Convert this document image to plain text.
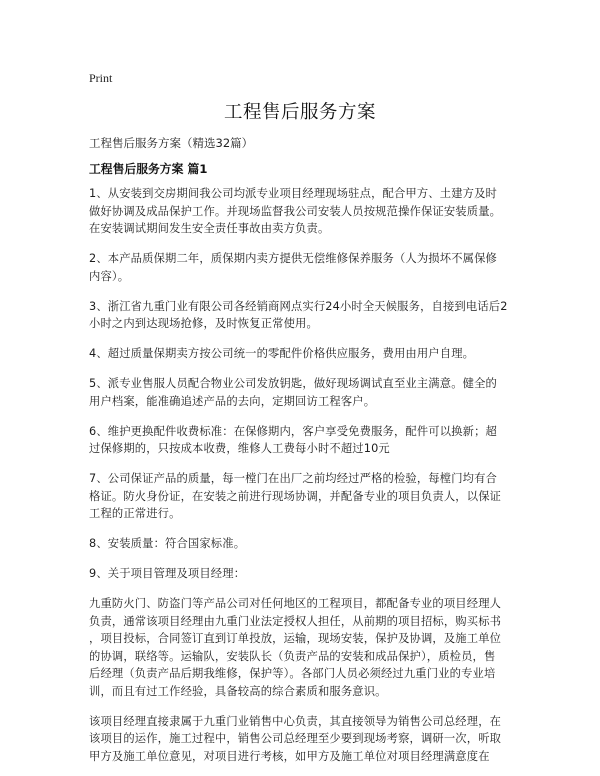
Print
工程售后服务方案
工程售后服务方案（精选32篇）
工程售后服务方案 篇1
1、从安装到交房期间我公司均派专业项目经理现场驻点，配合甲方、土建方及时
做好协调及成品保护工作。并现场监督我公司安装人员按规范操作保证安装质量。
在安装调试期间发生安全责任事故由卖方负责。
2、本产品质保期二年，质保期内卖方提供无偿维修保养服务（人为损坏不属保修
内容）。
3、浙江省九重门业有限公司各经销商网点实行24小时全天候服务，自接到电话后2
小时之内到达现场抢修，及时恢复正常使用。
4、超过质量保期卖方按公司统一的零配件价格供应服务，费用由用户自理。
5、派专业售服人员配合物业公司发放钥匙，做好现场调试直至业主满意。健全的
用户档案，能准确追述产品的去向，定期回访工程客户。
6、维护更换配件收费标准：在保修期内，客户享受免费服务，配件可以换新；超
过保修期的，只按成本收费，维修人工费每小时不超过10元
7、公司保证产品的质量，每一樘门在出厂之前均经过严格的检验，每樘门均有合
格证。防火身份证，在安装之前进行现场协调，并配备专业的项目负责人，以保证
工程的正常进行。
8、安装质量：符合国家标准。
9、关于项目管理及项目经理：
九重防火门、防盗门等产品公司对任何地区的工程项目，都配备专业的项目经理人
负责，通常该项目经理由九重门业法定授权人担任，从前期的项目招标，购买标书
，项目投标，合同签订直到订单投放，运输，现场安装，保护及协调，及施工单位
的协调，联络等。运输队，安装队长（负责产品的安装和成品保护），质检员，售
后经理（负责产品后期我维修，保护等）。各部门人员必须经过九重门业的专业培
训，而且有过工作经验，具备较高的综合素质和服务意识。
该项目经理直接隶属于九重门业销售中心负责，其直接领导为销售公司总经理，在
该项目的运作，施工过程中，销售公司总经理至少要到现场考察，调研一次，听取
甲方及施工单位意见，对项目进行考核，如甲方及施工单位对项目经理满意度在
